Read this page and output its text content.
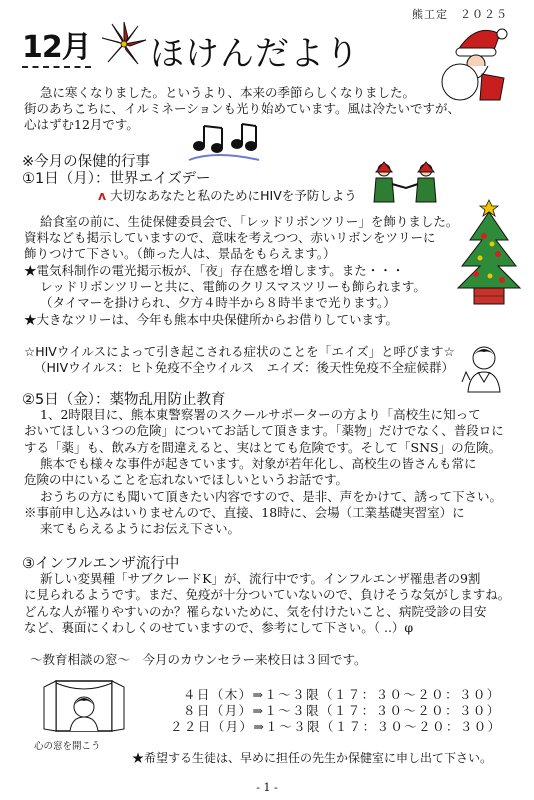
熊工定　２０２５
12月 ほけんだより
急に寒くなりました。というより、本来の季節らしくなりました。
街のあちこちに、イルミネーションも光り始めています。風は冷たいですが、
心はずむ12月です。
※今月の保健的行事
①1日（月）：世界エイズデー
ᴧ 大切なあなたと私のためにHIVを予防しよう
給食室の前に、生徒保健委員会で、「レッドリボンツリー」を飾りました。
資料なども掲示していますので、意味を考えつつ、赤いリボンをツリーに
飾りつけて下さい。（飾った人は、景品をもらえます。）
★電気科制作の電光掲示板が、「夜」存在感を増します。また・・・
レッドリボンツリーと共に、電飾のクリスマスツリーも飾られます。
（タイマーを掛けられ、夕方４時半から８時半まで光ります。）
★大きなツリーは、今年も熊本中央保健所からお借りしています。
☆HIVウイルスによって引き起こされる症状のことを「エイズ」と呼びます☆
（HIVウイルス：ヒト免疫不全ウイルス　エイズ：後天性免疫不全症候群）
②5日（金）：薬物乱用防止教育
1、2時限目に、熊本東警察署のスクールサポーターの方より「高校生に知って
おいてほしい３つの危険」についてお話して頂きます。「薬物」だけでなく、普段ロに
する「薬」も、飲み方を間違えると、実はとても危険です。そして「SNS」の危険。
熊本でも様々な事件が起きています。対象が若年化し、高校生の皆さんも常に
危険の中にいることを忘れないでほしいというお話です。
おうちの方にも聞いて頂きたい内容ですので、是非、声をかけて、誘って下さい。
※事前申し込みはいりませんので、直接、18時に、会場（工業基礎実習室）に
来てもらえるようにお伝え下さい。
③インフルエンザ流行中
新しい変異種「サブクレードK」が、流行中です。インフルエンザ罹患者の9割
に見られるようです。まだ、免疫が十分ついていないので、負けそうな気がしますね。
どんな人が罹りやすいのか？罹らないために、気を付けたいこと、病院受診の目安
など、裏面にくわしくのせていますので、参考にして下さい。（ ..）φ
～教育相談の窓～　今月のカウンセラー来校日は３回です。
心の窓を開こう
４日（木）⇒１～３限（１７：３０～２０：３０）
８日（月）⇒１～３限（１７：３０～２０：３０）
２２日（月）⇒１～３限（１７：３０～２０：３０）
★希望する生徒は、早めに担任の先生か保健室に申し出て下さい。
- 1 -
